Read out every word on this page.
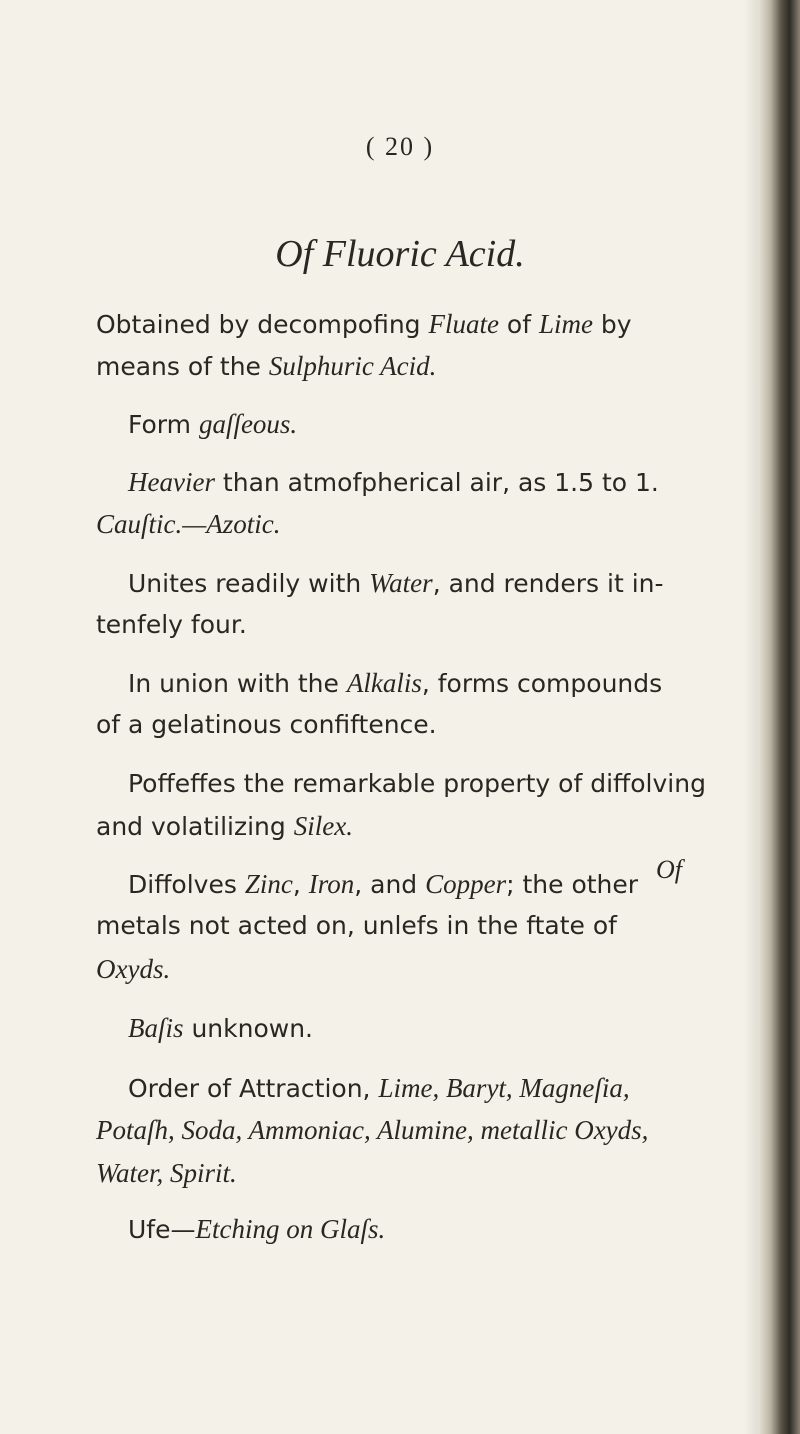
( 20 )
Of Fluoric Acid.
Obtained by decompofing Fluate of Lime by
means of the Sulphuric Acid.
Form gaſſeous.
Heavier than atmofpherical air, as 1.5 to 1.
Cauſtic.—Azotic.
Unites readily with Water, and renders it in-
tenfely four.
In union with the Alkalis, forms compounds
of a gelatinous confiftence.
Poffeffes the remarkable property of diffolving
and volatilizing Silex.
Diffolves Zinc, Iron, and Copper; the other
metals not acted on, unlefs in the ftate of
Oxyds.
Baſis unknown.
Order of Attraction, Lime, Baryt, Magneſia,
Potaſh, Soda, Ammoniac, Alumine, metallic Oxyds,
Water, Spirit.
Ufe—Etching on Glaſs.
Of
